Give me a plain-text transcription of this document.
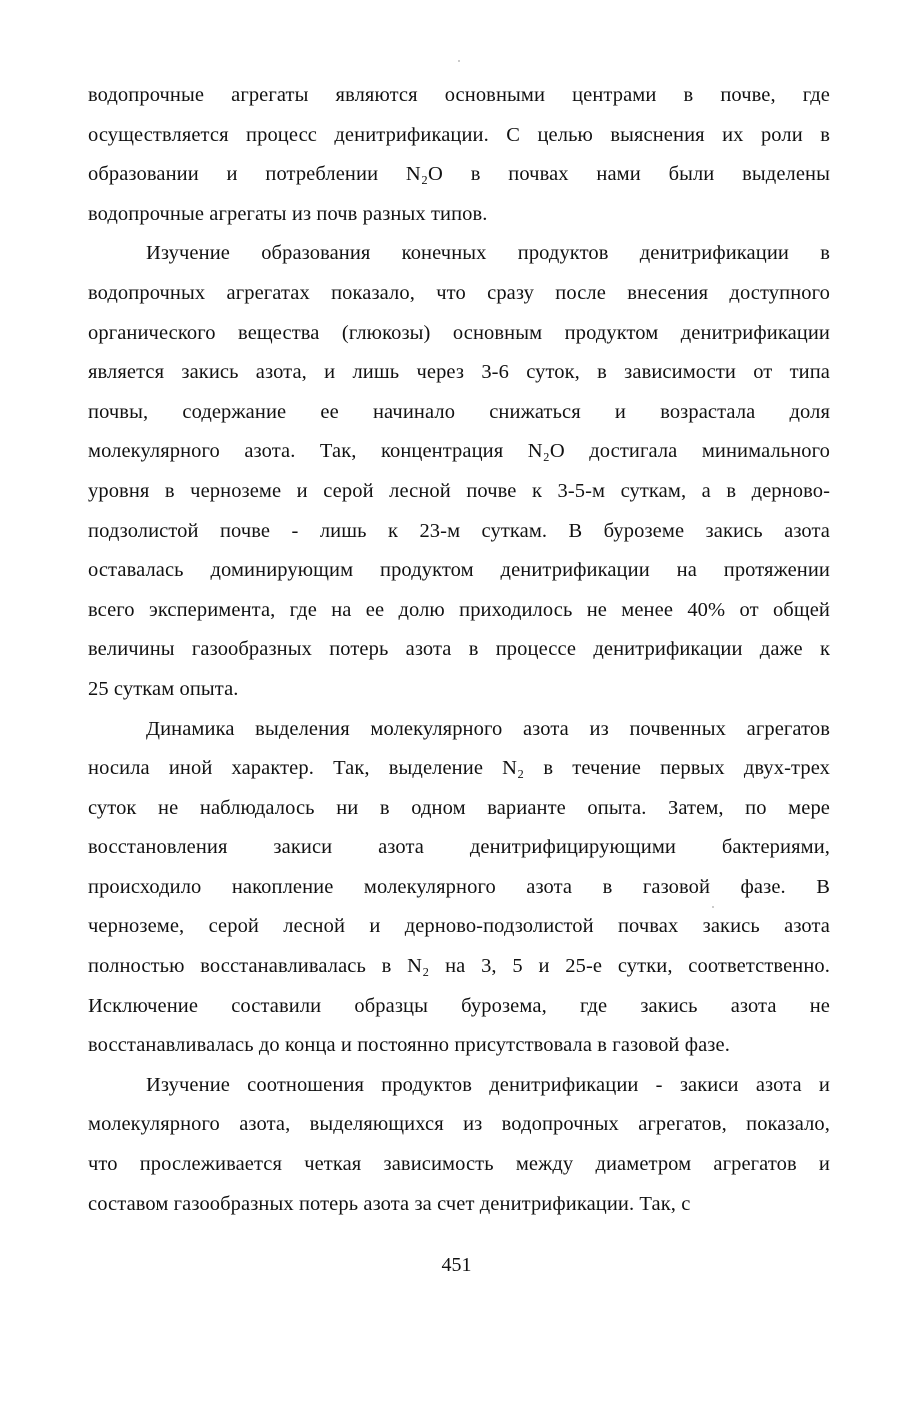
водопрочные агрегаты являются основными центрами в почве, где
осуществляется процесс денитрификации. С целью выяснения их роли в
образовании и потреблении N₂O в почвах нами были выделены
водопрочные агрегаты из почв разных типов.
Изучение образования конечных продуктов денитрификации в
водопрочных агрегатах показало, что сразу после внесения доступного
органического вещества (глюкозы) основным продуктом денитрификации
является закись азота, и лишь через 3-6 суток, в зависимости от типа
почвы, содержание ее начинало снижаться и возрастала доля
молекулярного азота. Так, концентрация N₂O достигала минимального
уровня в черноземе и серой лесной почве к 3-5-м суткам, а в дерново-
подзолистой почве - лишь к 23-м суткам. В буроземе закись азота
оставалась доминирующим продуктом денитрификации на протяжении
всего эксперимента, где на ее долю приходилось не менее 40% от общей
величины газообразных потерь азота в процессе денитрификации даже к
25 суткам опыта.
Динамика выделения молекулярного азота из почвенных агрегатов
носила иной характер. Так, выделение N₂ в течение первых двух-трех
суток не наблюдалось ни в одном варианте опыта. Затем, по мере
восстановления закиси азота денитрифицирующими бактериями,
происходило накопление молекулярного азота в газовой фазе. В
черноземе, серой лесной и дерново-подзолистой почвах закись азота
полностью восстанавливалась в N₂ на 3, 5 и 25-е сутки, соответственно.
Исключение составили образцы буроземa, где закись азота не
восстанавливалась до конца и постоянно присутствовала в газовой фазе.
Изучение соотношения продуктов денитрификации - закиси азота и
молекулярного азота, выделяющихся из водопрочных агрегатов, показало,
что прослеживается четкая зависимость между диаметром агрегатов и
составом газообразных потерь азота за счет денитрификации. Так, с
451
